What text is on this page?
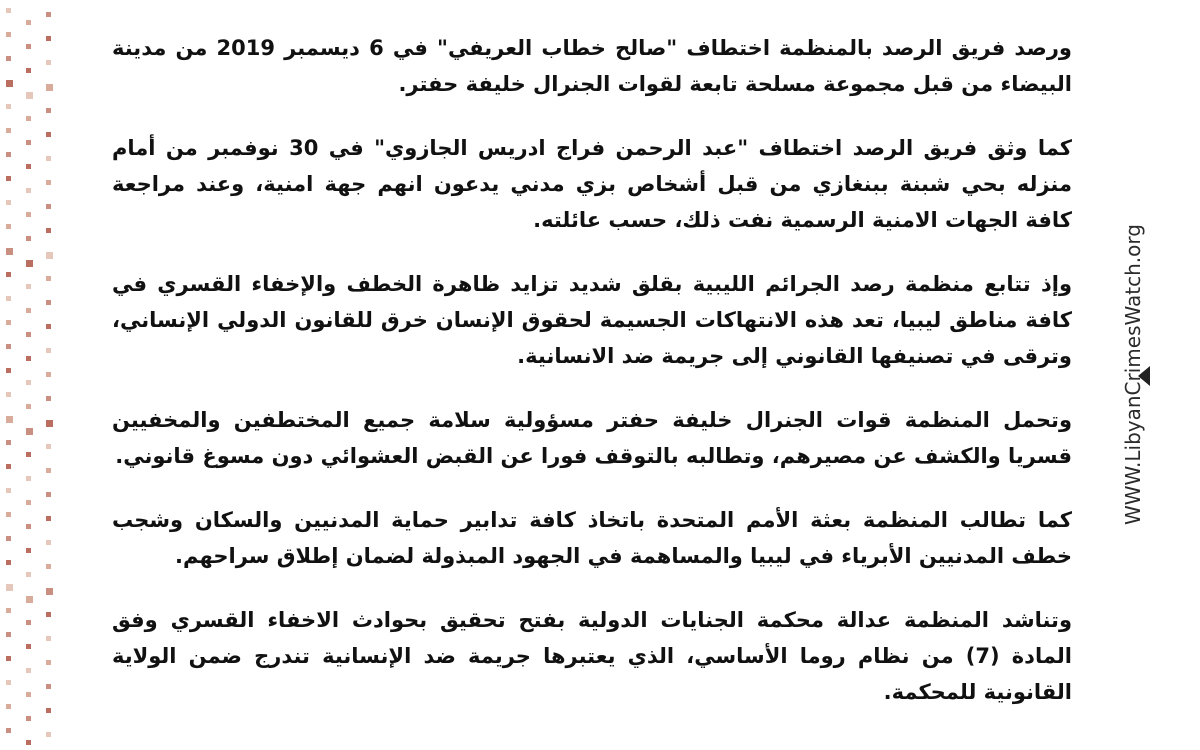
ورصد فريق الرصد بالمنظمة اختطاف "صالح خطاب العريفي" في 6 ديسمبر 2019 من مدينة البيضاء من قبل مجموعة مسلحة تابعة لقوات الجنرال خليفة حفتر.

كما وثق فريق الرصد اختطاف "عبد الرحمن فراج ادريس الجازوي" في 30 نوفمبر من أمام منزله بحي شبنة ببنغازي من قبل أشخاص بزي مدني يدعون انهم جهة امنية، وعند مراجعة كافة الجهات الامنية الرسمية نفت ذلك، حسب عائلته.

وإذ تتابع منظمة رصد الجرائم الليبية بقلق شديد تزايد ظاهرة الخطف والإخفاء القسري في كافة مناطق ليبيا، تعد هذه الانتهاكات الجسيمة لحقوق الإنسان خرق للقانون الدولي الإنساني، وترقى في تصنيفها القانوني إلى جريمة ضد الانسانية.

وتحمل المنظمة قوات الجنرال خليفة حفتر مسؤولية سلامة جميع المختطفين والمخفيين قسريا والكشف عن مصيرهم، وتطالبه بالتوقف فورا عن القبض العشوائي دون مسوغ قانوني.

كما تطالب المنظمة بعثة الأمم المتحدة باتخاذ كافة تدابير حماية المدنيين والسكان وشجب خطف المدنيين الأبرياء في ليبيا والمساهمة في الجهود المبذولة لضمان إطلاق سراحهم.

وتناشد المنظمة عدالة محكمة الجنايات الدولية بفتح تحقيق بحوادث الاخفاء القسري وفق المادة (7) من نظام روما الأساسي، الذي يعتبرها جريمة ضد الإنسانية تندرج ضمن الولاية القانونية للمحكمة.

WWW.LibyanCrimesWatch.org
